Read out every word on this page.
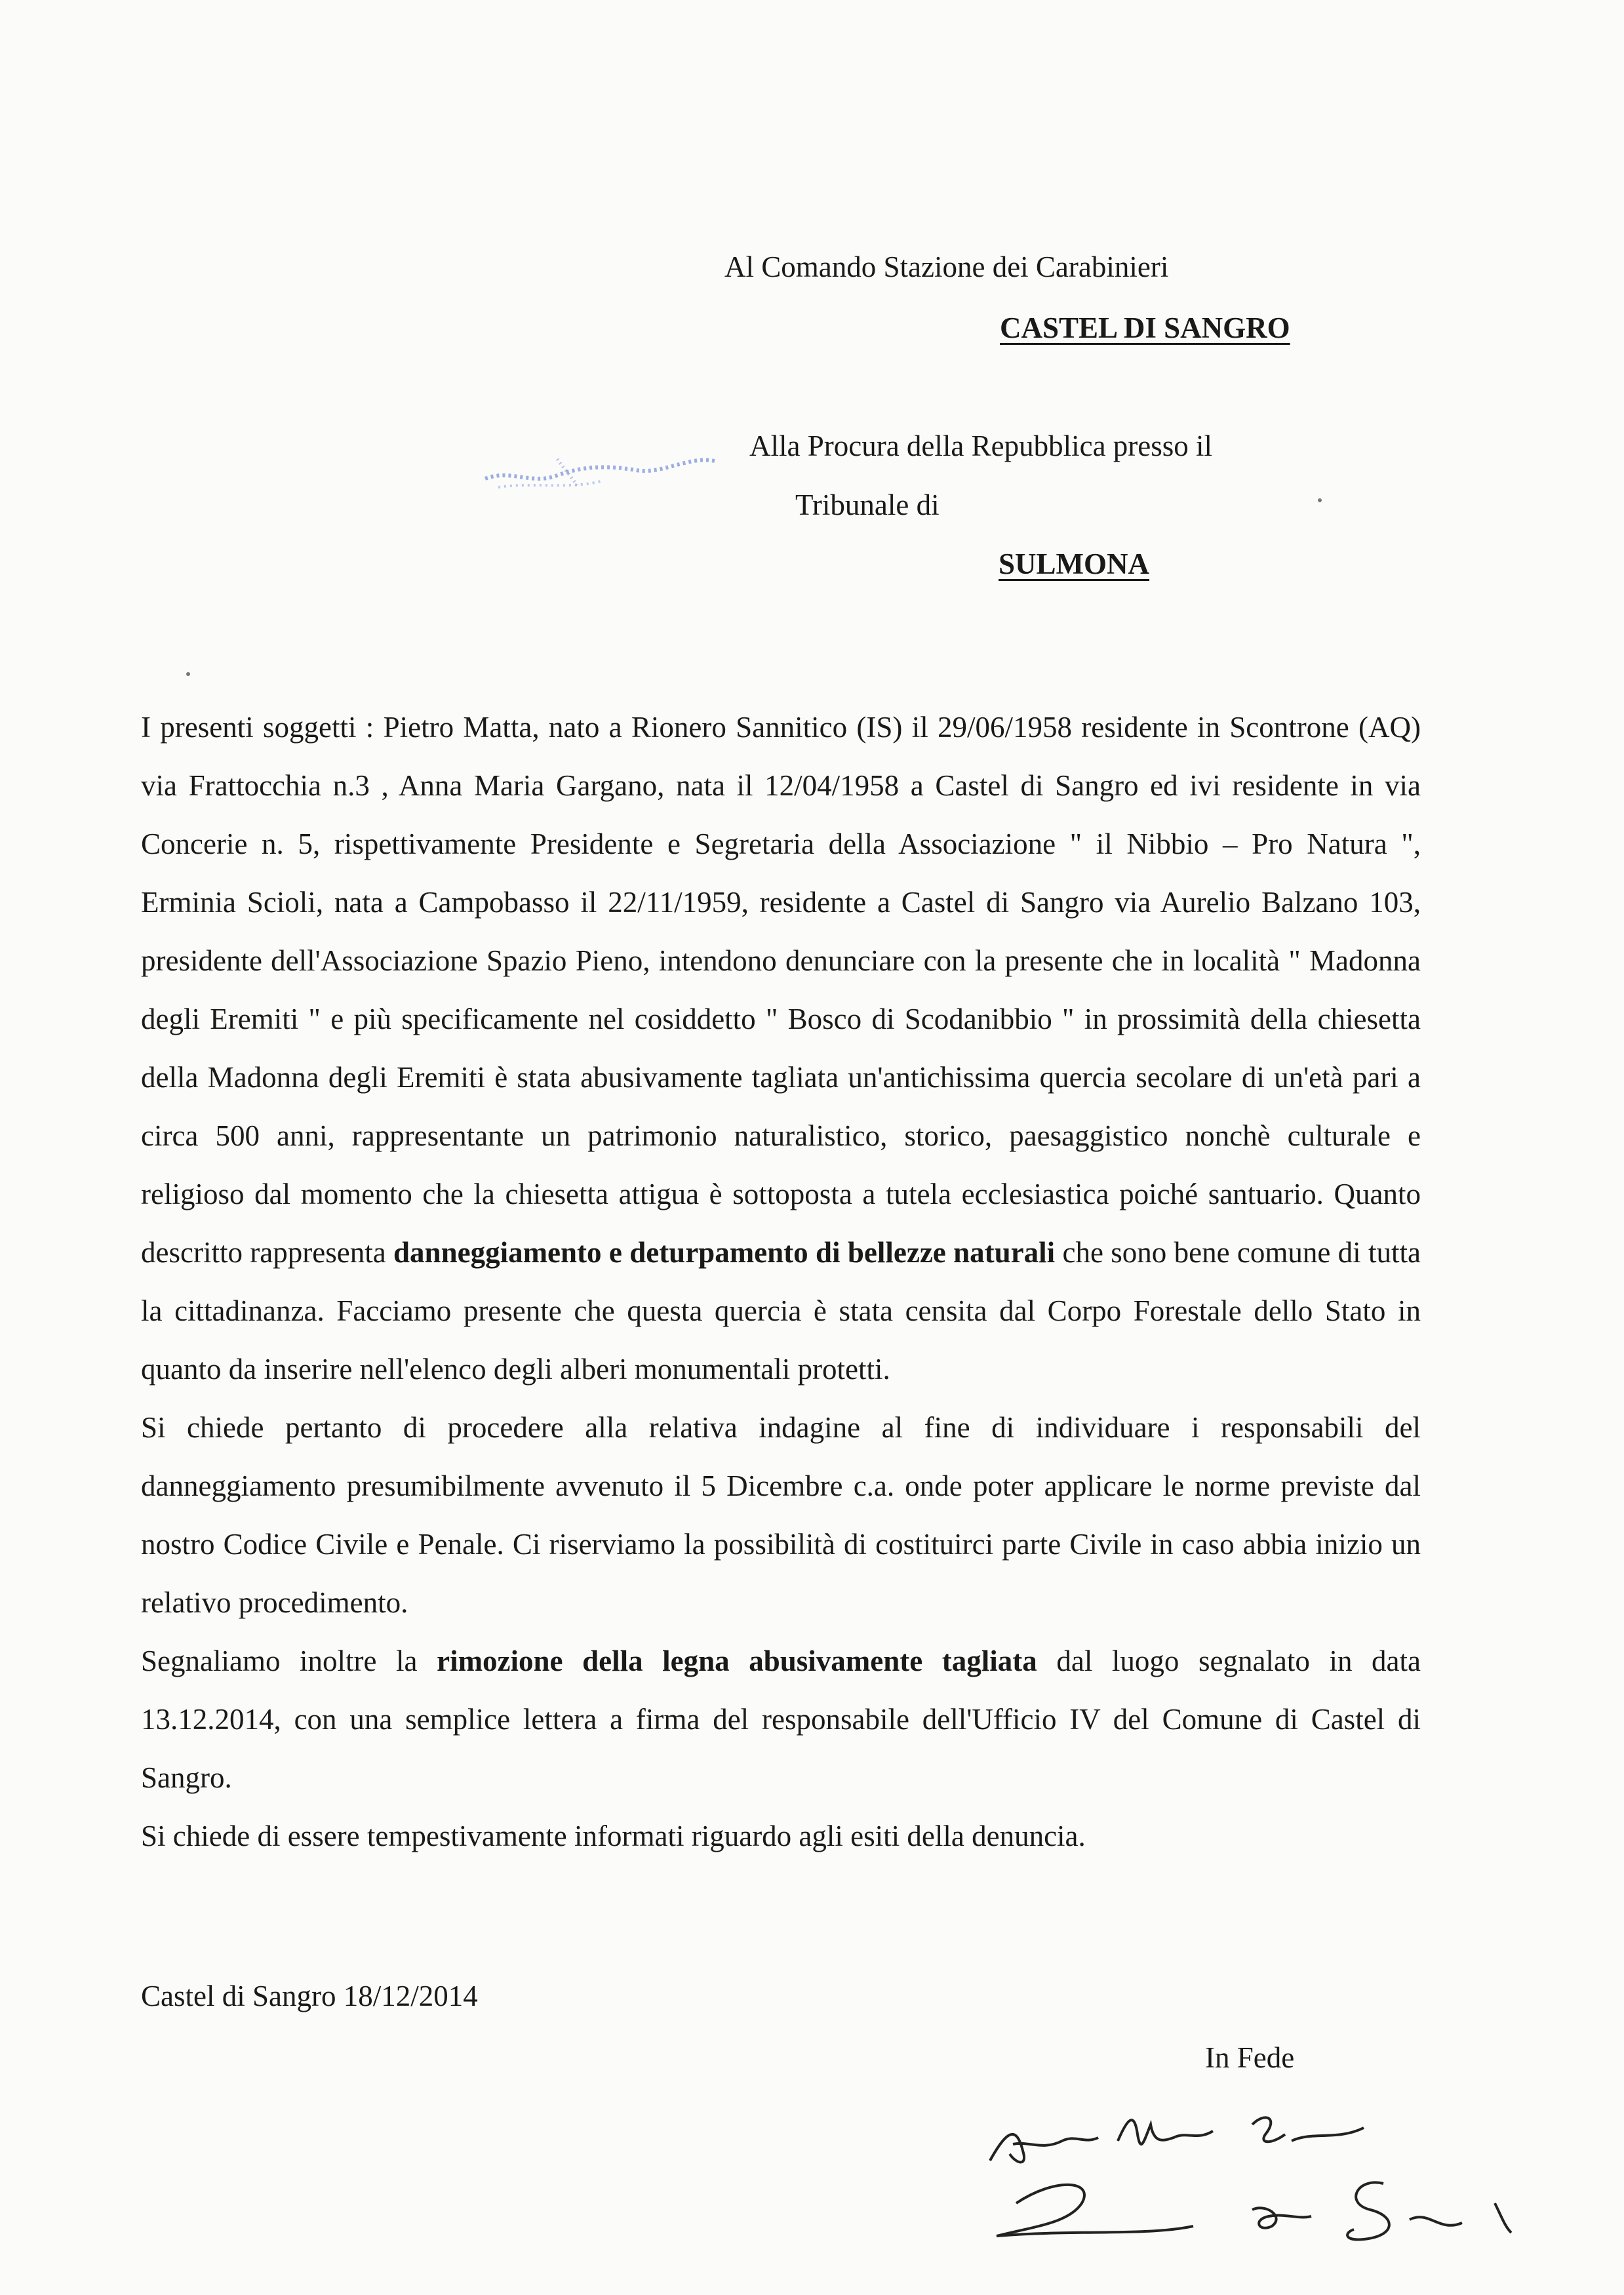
Al Comando Stazione dei Carabinieri
CASTEL DI SANGRO
Alla Procura della Repubblica presso il
Tribunale di
SULMONA

I presenti soggetti : Pietro Matta, nato a Rionero Sannitico (IS) il 29/06/1958 residente in Scontrone (AQ) via Frattocchia n.3 , Anna Maria Gargano, nata il 12/04/1958 a Castel di Sangro ed ivi residente in via Concerie n. 5, rispettivamente Presidente e Segretaria della Associazione " il Nibbio – Pro Natura ", Erminia Scioli, nata a Campobasso il 22/11/1959, residente a Castel di Sangro via Aurelio Balzano 103, presidente dell'Associazione Spazio Pieno, intendono denunciare con la presente che in località " Madonna degli Eremiti " e più specificamente nel cosiddetto " Bosco di Scodanibbio " in prossimità della chiesetta della Madonna degli Eremiti è stata abusivamente tagliata un'antichissima quercia secolare di un'età pari a circa 500 anni, rappresentante un patrimonio naturalistico, storico, paesaggistico nonchè culturale e religioso dal momento che la chiesetta attigua è sottoposta a tutela ecclesiastica poiché santuario. Quanto descritto rappresenta danneggiamento e deturpamento di bellezze naturali che sono bene comune di tutta la cittadinanza. Facciamo presente che questa quercia è stata censita dal Corpo Forestale dello Stato in quanto da inserire nell'elenco degli alberi monumentali protetti.

Si chiede pertanto di procedere alla relativa indagine al fine di individuare i responsabili del danneggiamento presumibilmente avvenuto il 5 Dicembre c.a. onde poter applicare le norme previste dal nostro Codice Civile e Penale. Ci riserviamo la possibilità di costituirci parte Civile in caso abbia inizio un relativo procedimento.

Segnaliamo inoltre la rimozione della legna abusivamente tagliata dal luogo segnalato in data 13.12.2014, con una semplice lettera a firma del responsabile dell'Ufficio IV del Comune di Castel di Sangro.

Si chiede di essere tempestivamente informati riguardo agli esiti della denuncia.

Castel di Sangro 18/12/2014
In Fede
